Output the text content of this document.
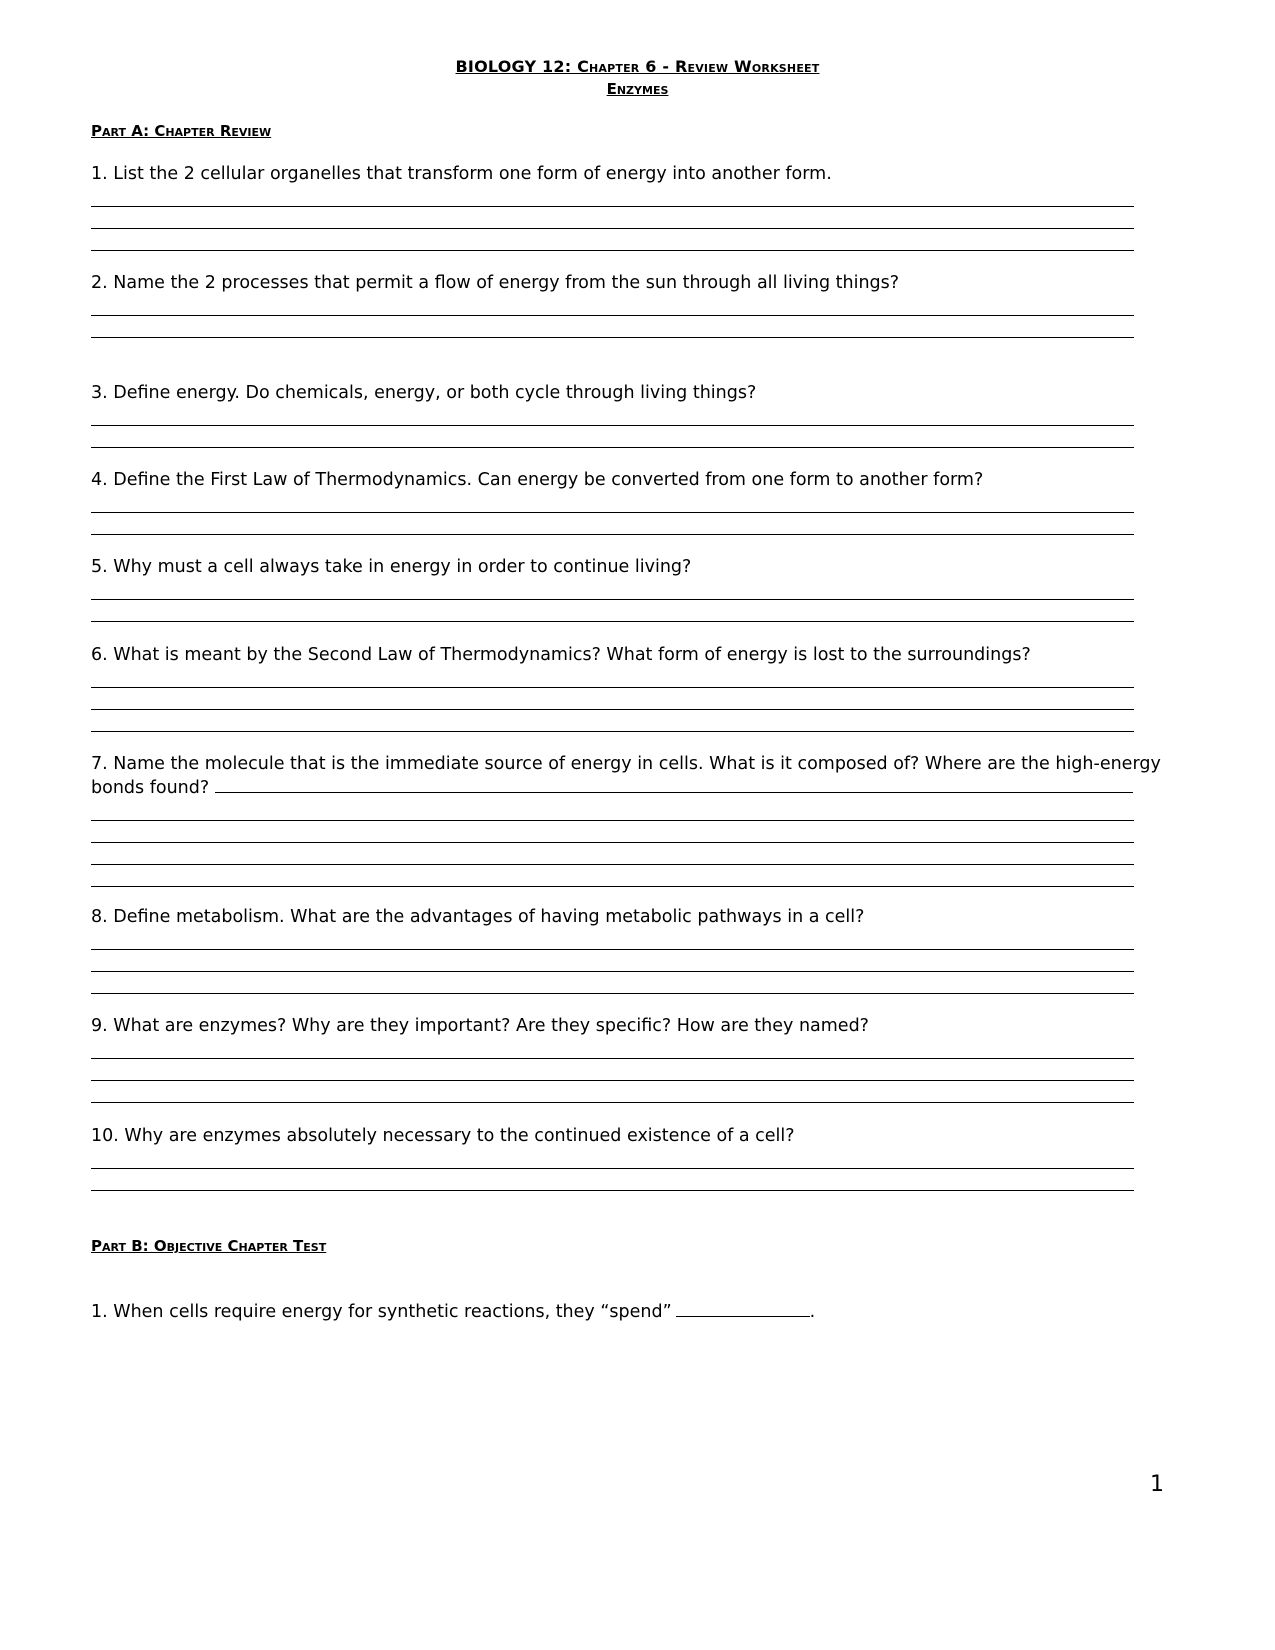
BIOLOGY 12: Chapter 6 - Review Worksheet
Enzymes
Part A: Chapter Review
1. List the 2 cellular organelles that transform one form of energy into another form.
2. Name the 2 processes that permit a flow of energy from the sun through all living things?
3. Define energy. Do chemicals, energy, or both cycle through living things?
4. Define the First Law of Thermodynamics. Can energy be converted from one form to another form?
5. Why must a cell always take in energy in order to continue living?
6. What is meant by the Second Law of Thermodynamics? What form of energy is lost to the surroundings?
7. Name the molecule that is the immediate source of energy in cells. What is it composed of? Where are the high-energy
bonds found?
8. Define metabolism. What are the advantages of having metabolic pathways in a cell?
9. What are enzymes? Why are they important? Are they specific? How are they named?
10. Why are enzymes absolutely necessary to the continued existence of a cell?
Part B: Objective Chapter Test
1. When cells require energy for synthetic reactions, they “spend”	.
1
